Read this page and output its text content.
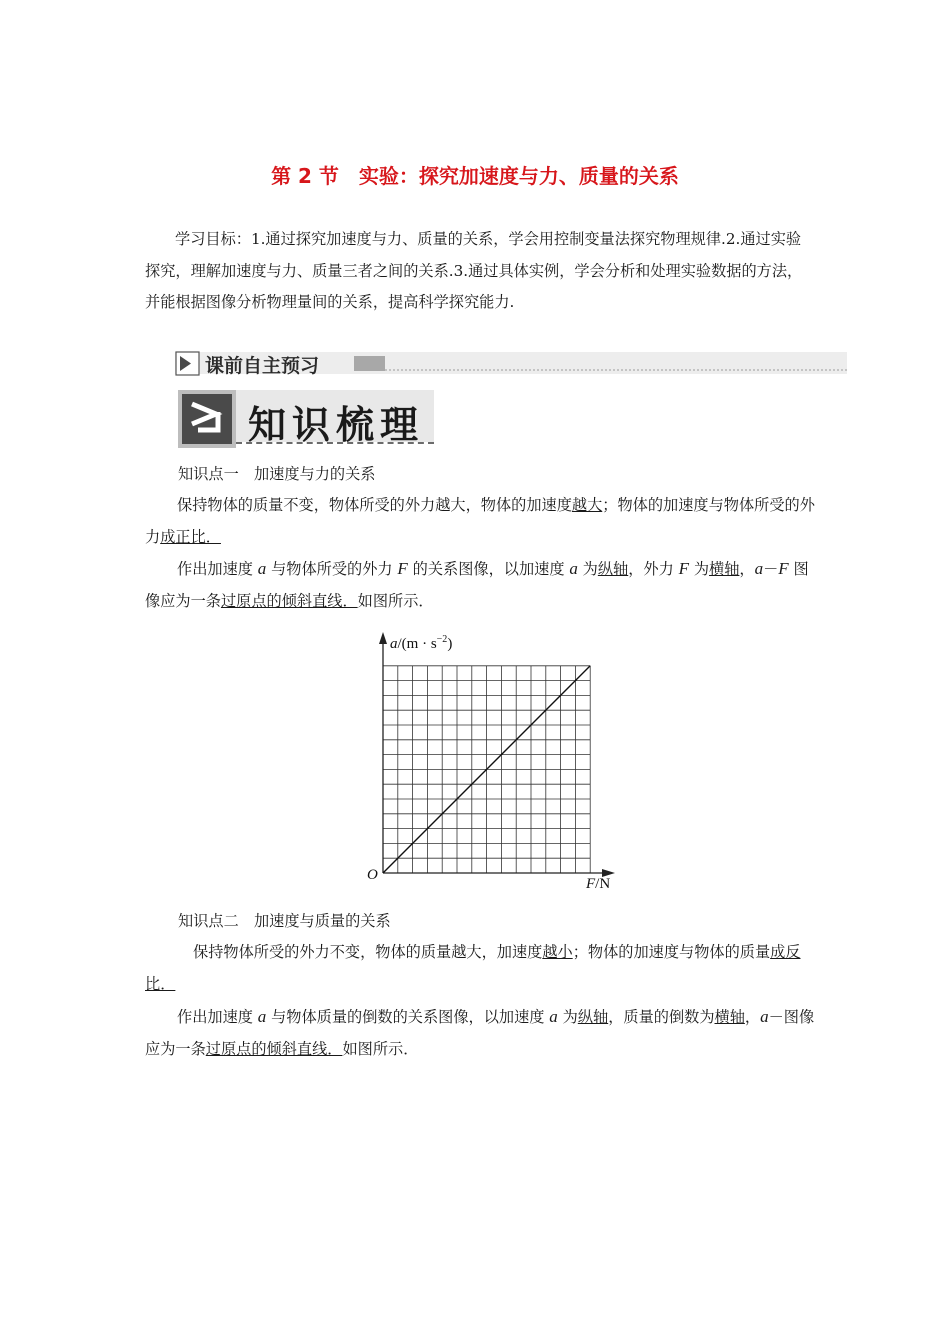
第 2 节　实验：探究加速度与力、质量的关系
学习目标：1.通过探究加速度与力、质量的关系，学会用控制变量法探究物理规律.2.通过实验探究，理解加速度与力、质量三者之间的关系.3.通过具体实例，学会分析和处理实验数据的方法，并能根据图像分析物理量间的关系，提高科学探究能力.
课前自主预习
知识梳理
知识点一　加速度与力的关系
保持物体的质量不变，物体所受的外力越大，物体的加速度越大；物体的加速度与物体所受的外力成正比．
作出加速度 a 与物体所受的外力 F 的关系图像，以加速度 a 为纵轴，外力 F 为横轴，a－F 图像应为一条过原点的倾斜直线．如图所示．
$a/(m \cdot s^{-2})$
O
F/N
知识点二　加速度与质量的关系
保持物体所受的外力不变，物体的质量越大，加速度越小；物体的加速度与物体的质量成反比．
作出加速度 a 与物体质量的倒数的关系图像，以加速度 a 为纵轴，质量的倒数为横轴，a－图像应为一条过原点的倾斜直线．如图所示．
